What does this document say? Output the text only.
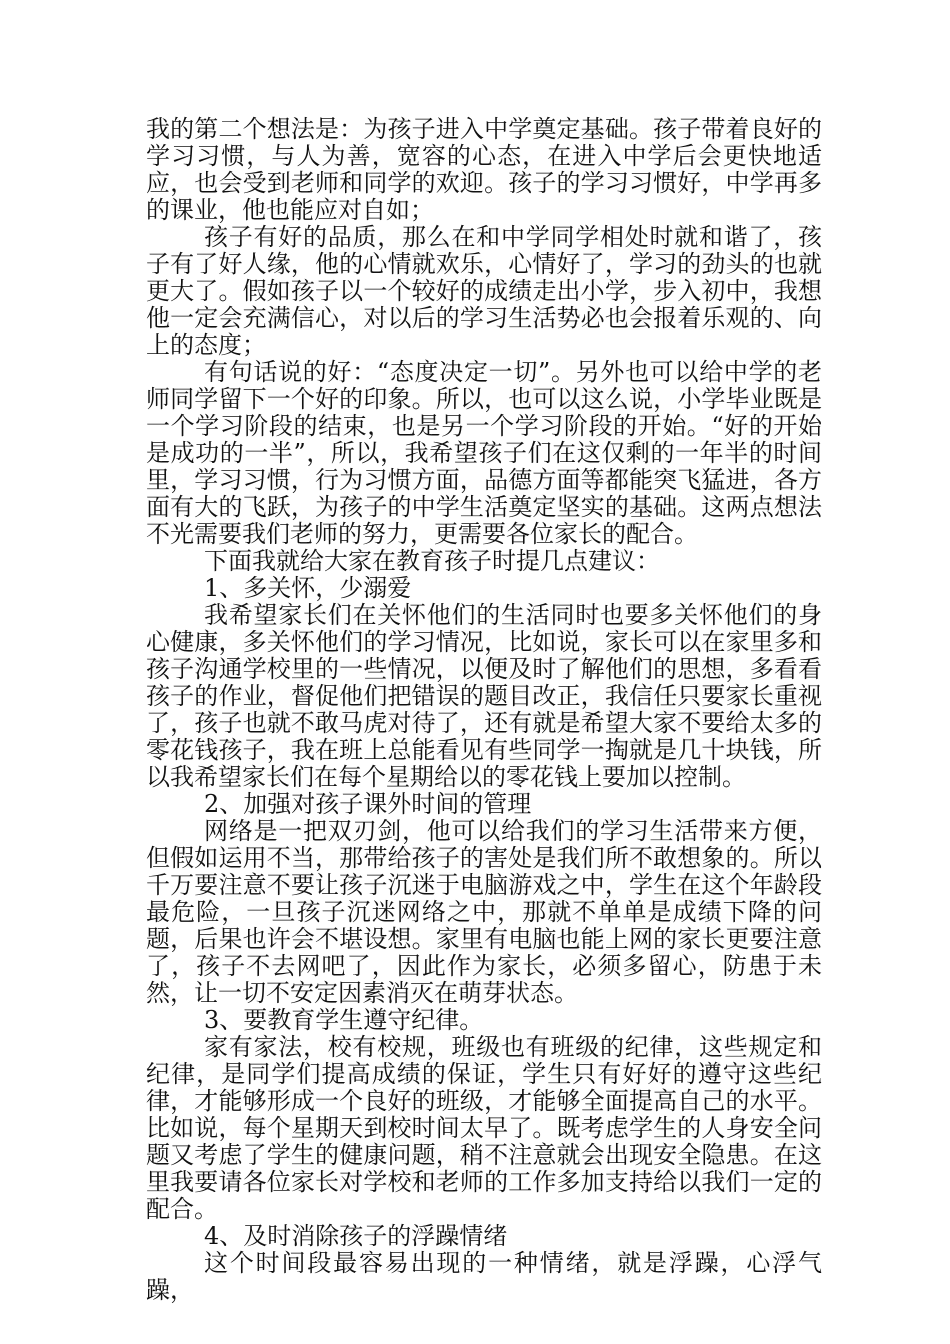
我的第二个想法是：为孩子进入中学奠定基础。孩子带着良好的学习习惯，与人为善，宽容的心态，在进入中学后会更快地适应，也会受到老师和同学的欢迎。孩子的学习习惯好，中学再多的课业，他也能应对自如；

孩子有好的品质，那么在和中学同学相处时就和谐了，孩子有了好人缘，他的心情就欢乐，心情好了，学习的劲头的也就更大了。假如孩子以一个较好的成绩走出小学，步入初中，我想他一定会充满信心，对以后的学习生活势必也会报着乐观的、向上的态度；

有句话说的好：“态度决定一切”。另外也可以给中学的老师同学留下一个好的印象。所以，也可以这么说，小学毕业既是一个学习阶段的结束，也是另一个学习阶段的开始。“好的开始是成功的一半”，所以，我希望孩子们在这仅剩的一年半的时间里，学习习惯，行为习惯方面，品德方面等都能突飞猛进，各方面有大的飞跃，为孩子的中学生活奠定坚实的基础。这两点想法不光需要我们老师的努力，更需要各位家长的配合。

下面我就给大家在教育孩子时提几点建议：

1、多关怀，少溺爱

我希望家长们在关怀他们的生活同时也要多关怀他们的身心健康，多关怀他们的学习情况，比如说，家长可以在家里多和孩子沟通学校里的一些情况，以便及时了解他们的思想，多看看孩子的作业，督促他们把错误的题目改正，我信任只要家长重视了，孩子也就不敢马虎对待了，还有就是希望大家不要给太多的零花钱孩子，我在班上总能看见有些同学一掏就是几十块钱，所以我希望家长们在每个星期给以的零花钱上要加以控制。

2、加强对孩子课外时间的管理

网络是一把双刃剑，他可以给我们的学习生活带来方便，但假如运用不当，那带给孩子的害处是我们所不敢想象的。所以千万要注意不要让孩子沉迷于电脑游戏之中，学生在这个年龄段最危险，一旦孩子沉迷网络之中，那就不单单是成绩下降的问题，后果也许会不堪设想。家里有电脑也能上网的家长更要注意了，孩子不去网吧了，因此作为家长，必须多留心，防患于未然，让一切不安定因素消灭在萌芽状态。

3、要教育学生遵守纪律。

家有家法，校有校规，班级也有班级的纪律，这些规定和纪律，是同学们提高成绩的保证，学生只有好好的遵守这些纪律，才能够形成一个良好的班级，才能够全面提高自己的水平。比如说，每个星期天到校时间太早了。既考虑学生的人身安全问题又考虑了学生的健康问题，稍不注意就会出现安全隐患。在这里我要请各位家长对学校和老师的工作多加支持给以我们一定的配合。

4、及时消除孩子的浮躁情绪

这个时间段最容易出现的一种情绪，就是浮躁，心浮气躁，
